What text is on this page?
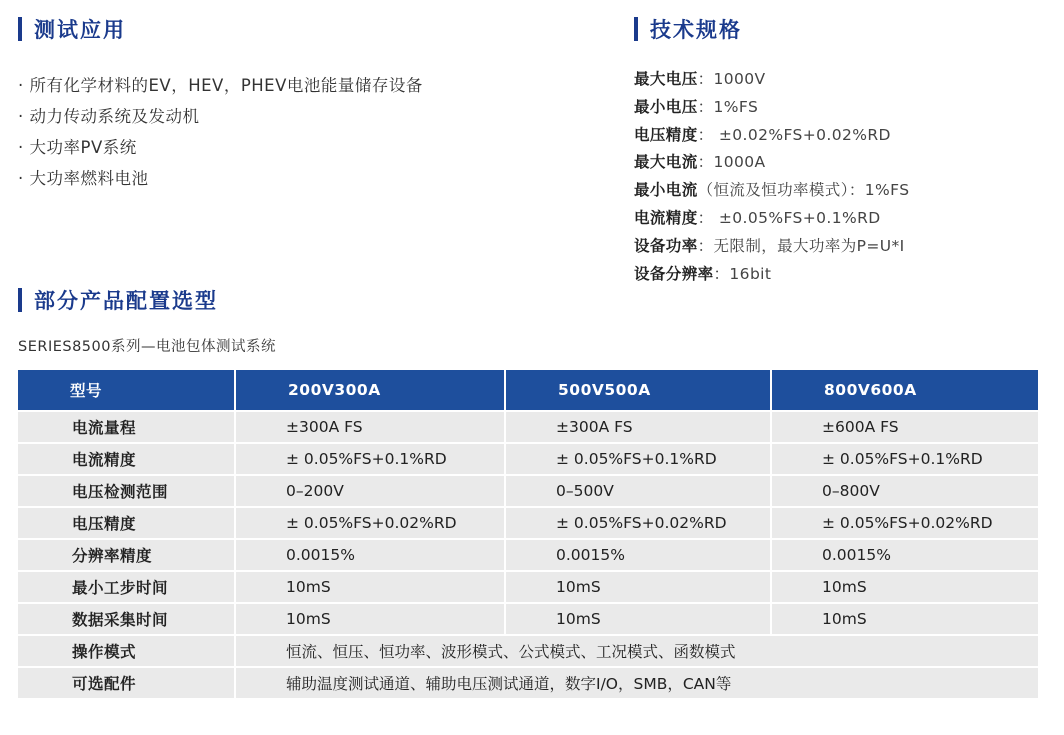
测试应用
· 所有化学材料的EV，HEV，PHEV电池能量储存设备
· 动力传动系统及发动机
· 大功率PV系统
· 大功率燃料电池
技术规格
最大电压：1000V
最小电压：1%FS
电压精度： ±0.02%FS+0.02%RD
最大电流：1000A
最小电流（恒流及恒功率模式）：1%FS
电流精度： ±0.05%FS+0.1%RD
设备功率：无限制，最大功率为P=U*I
设备分辨率：16bit
部分产品配置选型
SERIES8500系列—电池包体测试系统
型号	200V300A	500V500A	800V600A
电流量程	±300A FS	±300A FS	±600A FS
电流精度	± 0.05%FS+0.1%RD	± 0.05%FS+0.1%RD	± 0.05%FS+0.1%RD
电压检测范围	0–200V	0–500V	0–800V
电压精度	± 0.05%FS+0.02%RD	± 0.05%FS+0.02%RD	± 0.05%FS+0.02%RD
分辨率精度	0.0015%	0.0015%	0.0015%
最小工步时间	10mS	10mS	10mS
数据采集时间	10mS	10mS	10mS
操作模式	恒流、恒压、恒功率、波形模式、公式模式、工况模式、函数模式		
可选配件	辅助温度测试通道、辅助电压测试通道，数字I/O，SMB，CAN等		
